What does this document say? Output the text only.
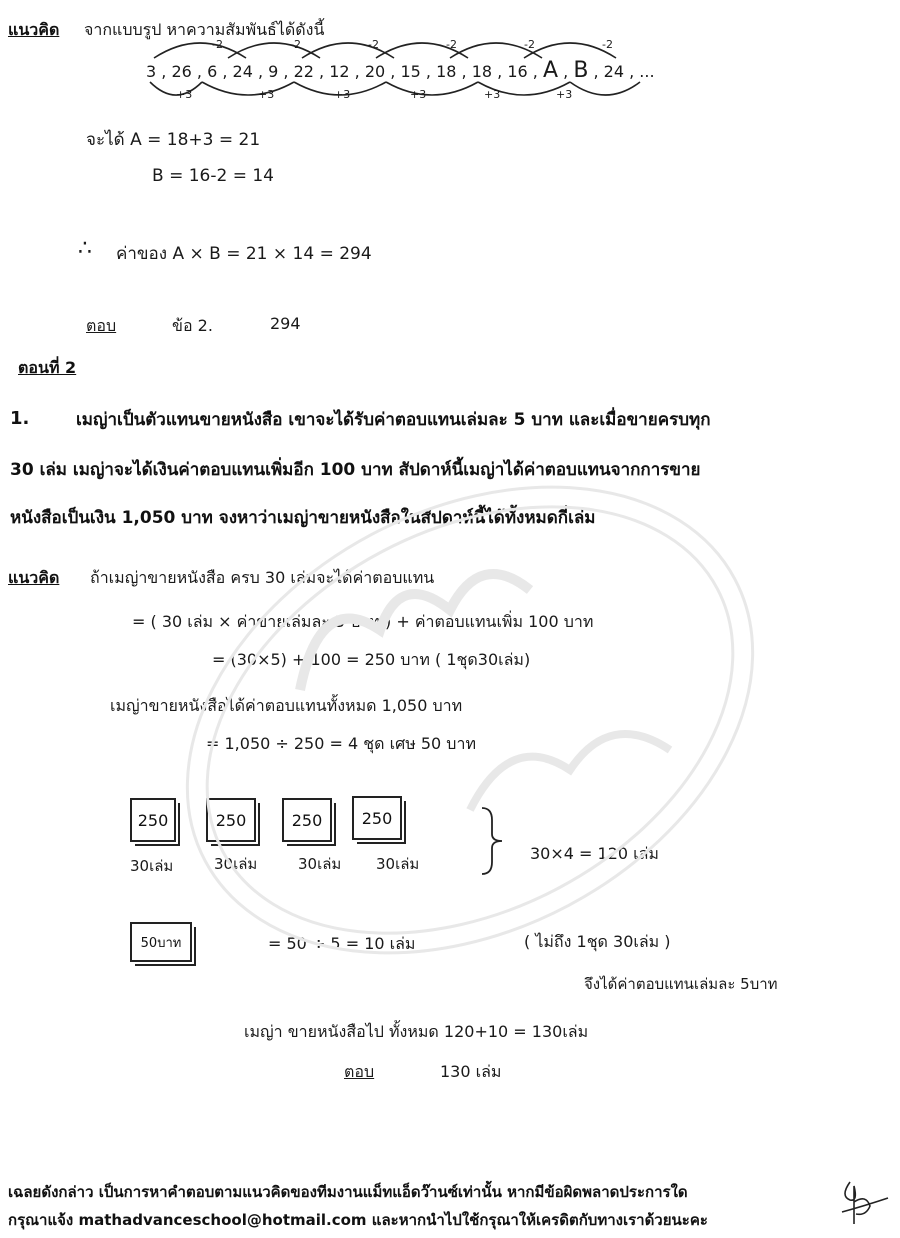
แนวคิด จากแบบรูป หาความสัมพันธ์ได้ดังนี้
-2	-2	-2	-2	-2	-2
3 , 26 , 6 , 24 , 9 , 22 , 12 , 20 , 15 , 18 , 18 , 16 , A , B , 24 , ...
+3	+3	+3	+3	+3	+3
จะได้ A = 18+3 = 21
B = 16-2 = 14
∴ ค่าของ A × B = 21 × 14 = 294
ตอบ	ข้อ 2.	294
ตอนที่ 2
1.	เมญ่าเป็นตัวแทนขายหนังสือ เขาจะได้รับค่าตอบแทนเล่มละ 5 บาท และเมื่อขายครบทุก
30 เล่ม เมญ่าจะได้เงินค่าตอบแทนเพิ่มอีก 100 บาท สัปดาห์นี้เมญ่าได้ค่าตอบแทนจากการขาย
หนังสือเป็นเงิน 1,050 บาท จงหาว่าเมญ่าขายหนังสือในสัปดาห์นี้ได้ทั้งหมดกี่เล่ม
แนวคิด ถ้าเมญ่าขายหนังสือ ครบ 30 เล่มจะได้ค่าตอบแทน
= ( 30 เล่ม × ค่าขายเล่มละ 5 บาท ) + ค่าตอบแทนเพิ่ม 100 บาท
= (30×5) + 100 = 250 บาท ( 1ชุด30เล่ม)
เมญ่าขายหนังสือได้ค่าตอบแทนทั้งหมด 1,050 บาท
= 1,050 ÷ 250 = 4 ชุด เศษ 50 บาท
250	250	250 250
30เล่ม	30เล่ม	30เล่ม 30เล่ม
30×4 = 120 เล่ม
50บาท	= 50 ÷ 5 = 10 เล่ม	( ไม่ถึง 1ชุด 30เล่ม )
จึงได้ค่าตอบแทนเล่มละ 5บาท
เมญ่า ขายหนังสือไป ทั้งหมด 120+10 = 130เล่ม
ตอบ	130 เล่ม
เฉลยดังกล่าว เป็นการหาคำตอบตามแนวคิดของทีมงานแม็ทแอ็ดว๊านซ์เท่านั้น หากมีข้อผิดพลาดประการใด
กรุณาแจ้ง mathadvanceschool@hotmail.com และหากนำไปใช้กรุณาให้เครดิตกับทางเราด้วยนะคะ
